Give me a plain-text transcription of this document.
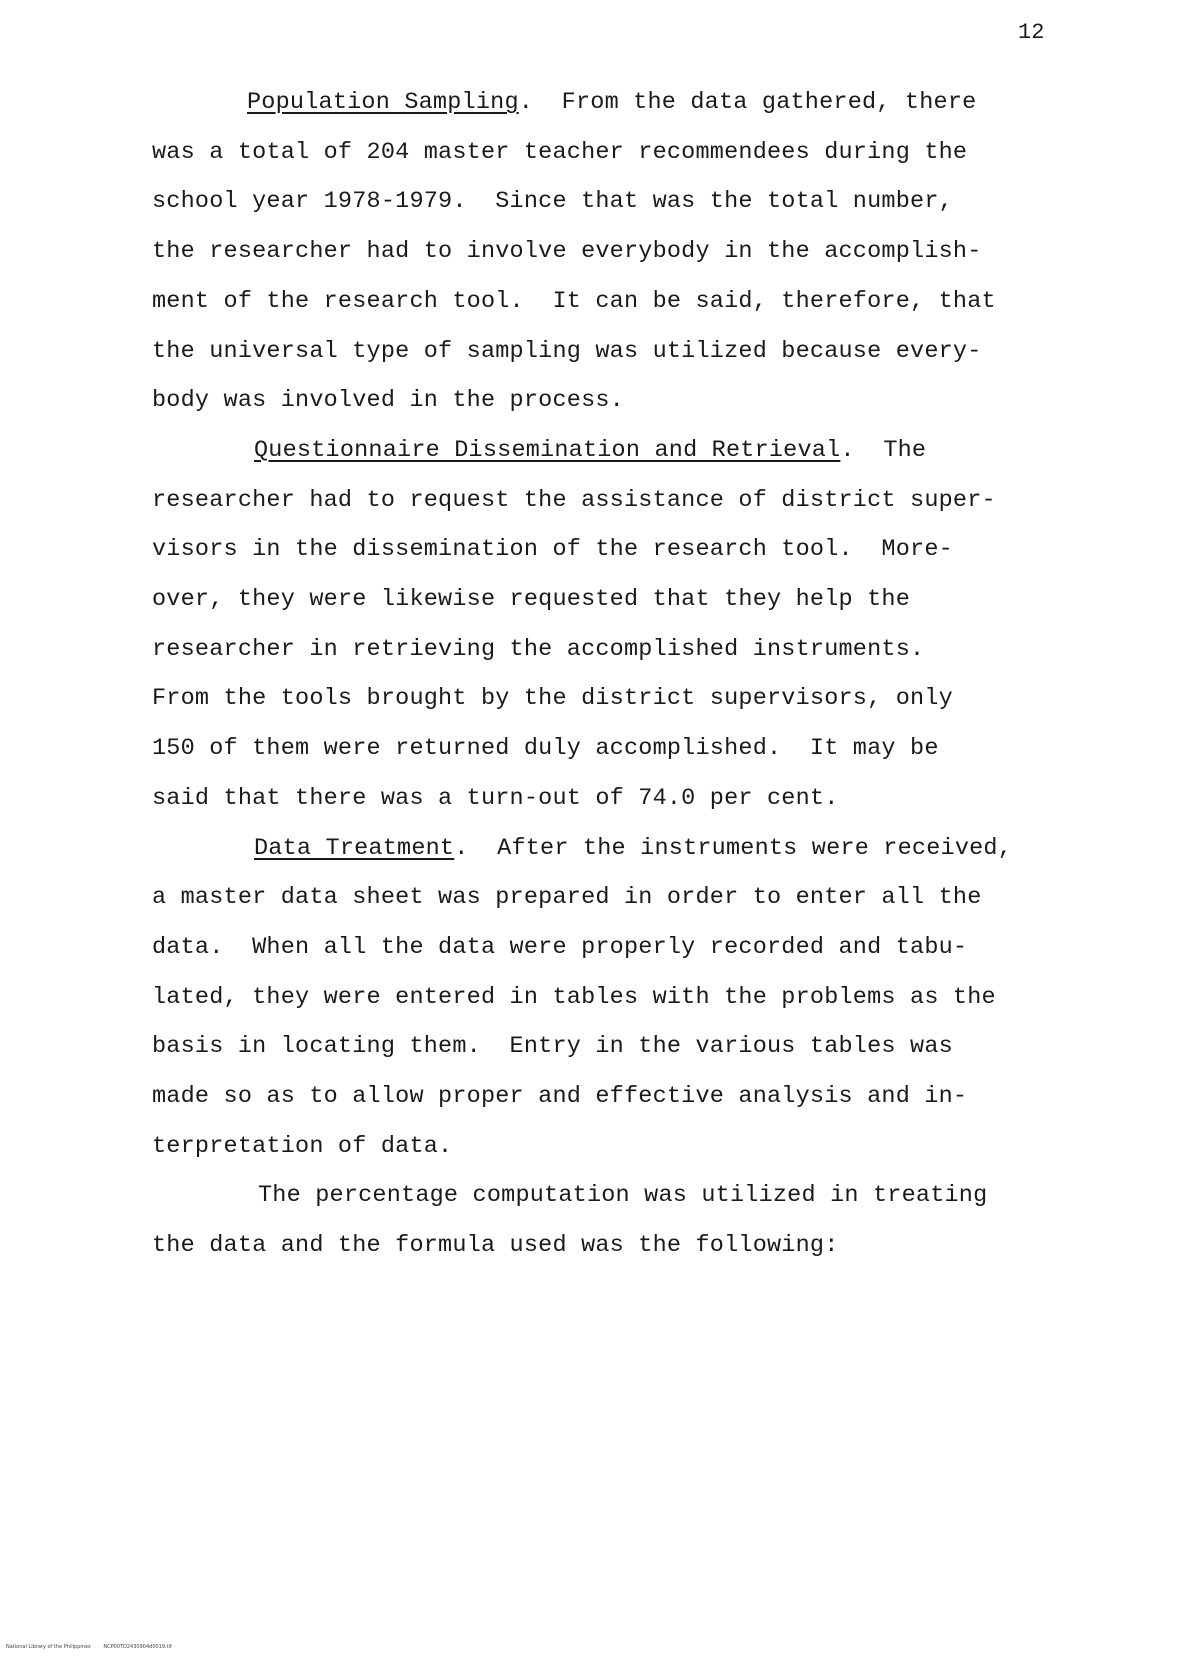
12
Population Sampling.  From the data gathered, there
was a total of 204 master teacher recommendees during the
school year 1978-1979.  Since that was the total number,
the researcher had to involve everybody in the accomplish-
ment of the research tool.  It can be said, therefore, that
the universal type of sampling was utilized because every-
body was involved in the process.
Questionnaire Dissemination and Retrieval.  The
researcher had to request the assistance of district super-
visors in the dissemination of the research tool.  More-
over, they were likewise requested that they help the
researcher in retrieving the accomplished instruments.
From the tools brought by the district supervisors, only
150 of them were returned duly accomplished.  It may be
said that there was a turn-out of 74.0 per cent.
Data Treatment.  After the instruments were received,
a master data sheet was prepared in order to enter all the
data.  When all the data were properly recorded and tabu-
lated, they were entered in tables with the problems as the
basis in locating them.  Entry in the various tables was
made so as to allow proper and effective analysis and in-
terpretation of data.
The percentage computation was utilized in treating
the data and the formula used was the following:
National Library of the Philippines	NCP00TD2430904d0019.tif
